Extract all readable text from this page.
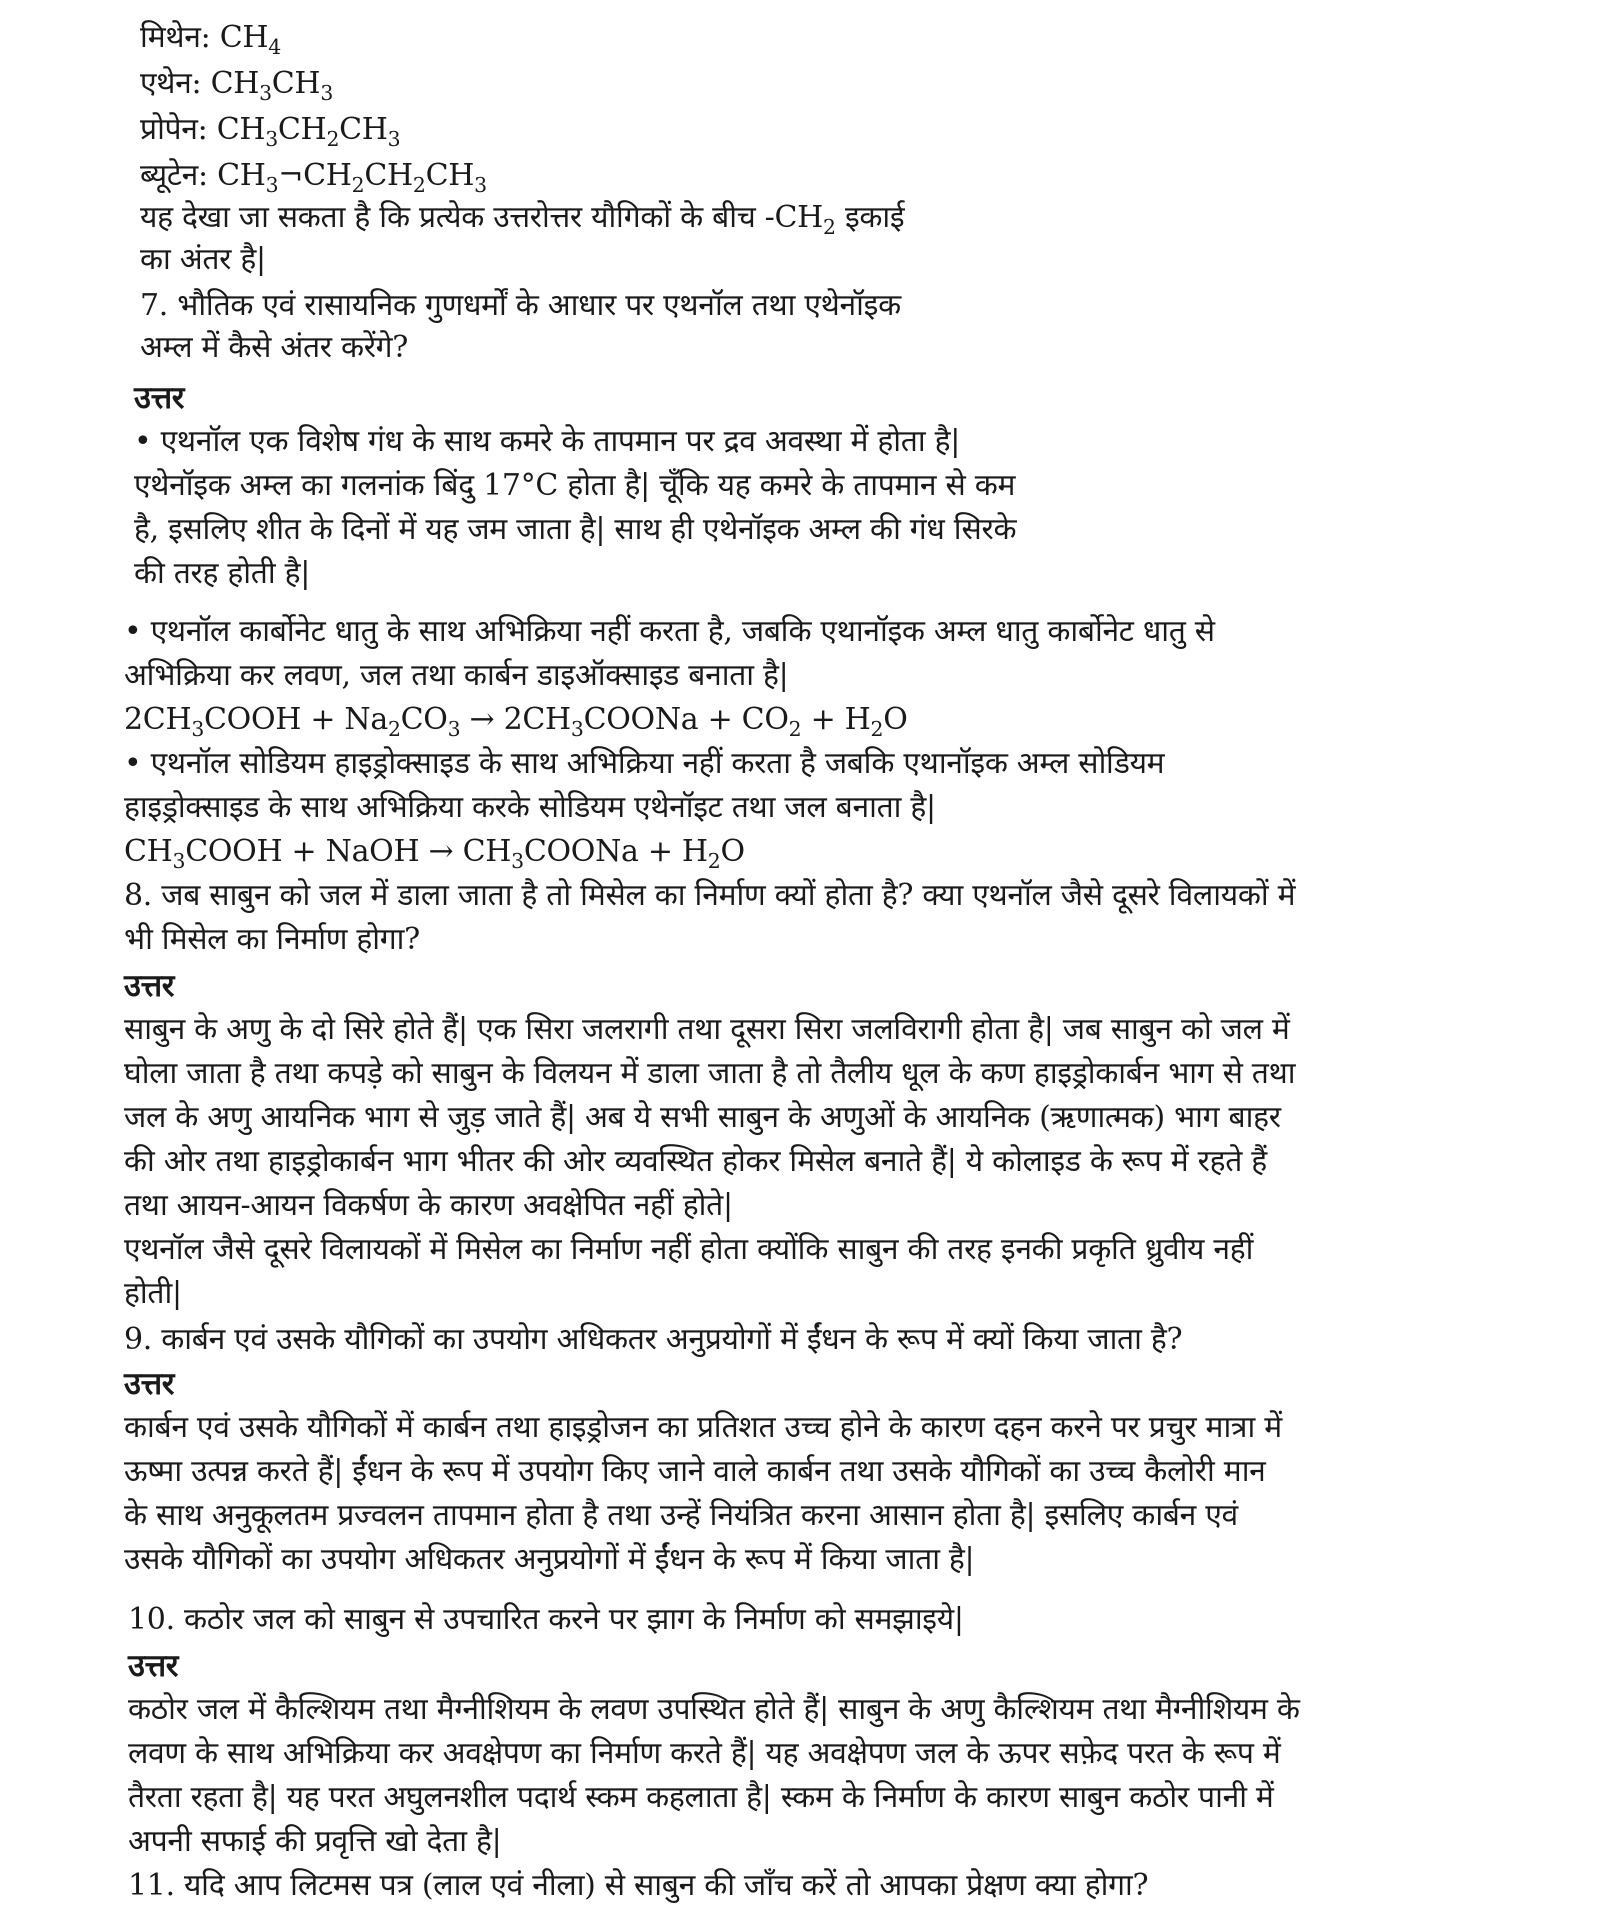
मिथेन: $CH_4$
एथेन: $CH_3CH_3$
प्रोपेन: $CH_3CH_2CH_3$
ब्यूटेन: $CH_3\neg CH_2CH_2CH_3$
यह देखा जा सकता है कि प्रत्येक उत्तरोत्तर यौगिकों के बीच $-CH_2$ इकाई
का अंतर है|
7. भौतिक एवं रासायनिक गुणधर्मों के आधार पर एथनॉल तथा एथेनॉइक
अम्ल में कैसे अंतर करेंगे?
उत्तर
• एथनॉल एक विशेष गंध के साथ कमरे के तापमान पर द्रव अवस्था में होता है|
एथेनॉइक अम्ल का गलनांक बिंदु 17°C होता है| चूँकि यह कमरे के तापमान से कम
है, इसलिए शीत के दिनों में यह जम जाता है| साथ ही एथेनॉइक अम्ल की गंध सिरके
की तरह होती है|
• एथनॉल कार्बोनेट धातु के साथ अभिक्रिया नहीं करता है, जबकि एथानॉइक अम्ल धातु कार्बोनेट धातु से
अभिक्रिया कर लवण, जल तथा कार्बन डाइऑक्साइड बनाता है|
$2CH_3COOH + Na_2CO_3$ → $2CH_3COONa + CO_2 + H_2O$
• एथनॉल सोडियम हाइड्रोक्साइड के साथ अभिक्रिया नहीं करता है जबकि एथानॉइक अम्ल सोडियम
हाइड्रोक्साइड के साथ अभिक्रिया करके सोडियम एथेनॉइट तथा जल बनाता है|
$CH_3COOH$ + NaOH → $CH_3COONa + H_2O$
8. जब साबुन को जल में डाला जाता है तो मिसेल का निर्माण क्यों होता है? क्या एथनॉल जैसे दूसरे विलायकों में
भी मिसेल का निर्माण होगा?
उत्तर
साबुन के अणु के दो सिरे होते हैं| एक सिरा जलरागी तथा दूसरा सिरा जलविरागी होता है| जब साबुन को जल में
घोला जाता है तथा कपड़े को साबुन के विलयन में डाला जाता है तो तैलीय धूल के कण हाइड्रोकार्बन भाग से तथा
जल के अणु आयनिक भाग से जुड़ जाते हैं| अब ये सभी साबुन के अणुओं के आयनिक (ऋणात्मक) भाग बाहर
की ओर तथा हाइड्रोकार्बन भाग भीतर की ओर व्यवस्थित होकर मिसेल बनाते हैं| ये कोलाइड के रूप में रहते हैं
तथा आयन-आयन विकर्षण के कारण अवक्षेपित नहीं होते|
एथनॉल जैसे दूसरे विलायकों में मिसेल का निर्माण नहीं होता क्योंकि साबुन की तरह इनकी प्रकृति ध्रुवीय नहीं
होती|
9. कार्बन एवं उसके यौगिकों का उपयोग अधिकतर अनुप्रयोगों में ईंधन के रूप में क्यों किया जाता है?
उत्तर
कार्बन एवं उसके यौगिकों में कार्बन तथा हाइड्रोजन का प्रतिशत उच्च होने के कारण दहन करने पर प्रचुर मात्रा में
ऊष्मा उत्पन्न करते हैं| ईंधन के रूप में उपयोग किए जाने वाले कार्बन तथा उसके यौगिकों का उच्च कैलोरी मान
के साथ अनुकूलतम प्रज्वलन तापमान होता है तथा उन्हें नियंत्रित करना आसान होता है| इसलिए कार्बन एवं
उसके यौगिकों का उपयोग अधिकतर अनुप्रयोगों में ईंधन के रूप में किया जाता है|
10. कठोर जल को साबुन से उपचारित करने पर झाग के निर्माण को समझाइये|
उत्तर
कठोर जल में कैल्शियम तथा मैग्नीशियम के लवण उपस्थित होते हैं| साबुन के अणु कैल्शियम तथा मैग्नीशियम के
लवण के साथ अभिक्रिया कर अवक्षेपण का निर्माण करते हैं| यह अवक्षेपण जल के ऊपर सफ़ेद परत के रूप में
तैरता रहता है| यह परत अघुलनशील पदार्थ स्कम कहलाता है| स्कम के निर्माण के कारण साबुन कठोर पानी में
अपनी सफाई की प्रवृत्ति खो देता है|
11. यदि आप लिटमस पत्र (लाल एवं नीला) से साबुन की जाँच करें तो आपका प्रेक्षण क्या होगा?
